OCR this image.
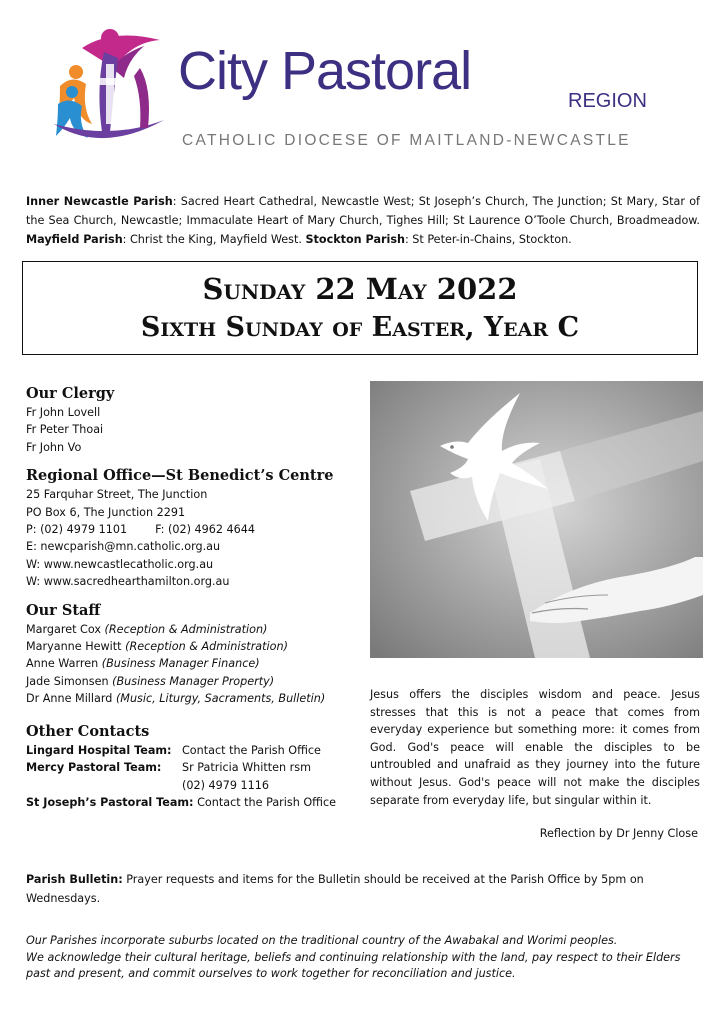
City Pastoral	REGION
CATHOLIC DIOCESE OF MAITLAND-NEWCASTLE
Inner Newcastle Parish: Sacred Heart Cathedral, Newcastle West; St Joseph’s Church, The Junction; St Mary, Star of the Sea Church, Newcastle; Immaculate Heart of Mary Church, Tighes Hill; St Laurence O’Toole Church, Broadmeadow. Mayfield Parish: Christ the King, Mayfield West. Stockton Parish: St Peter-in-Chains, Stockton.
Sunday 22 May 2022
Sixth Sunday of Easter, Year C
Our Clergy
Fr John Lovell
Fr Peter Thoai
Fr John Vo
Regional Office—St Benedict’s Centre
25 Farquhar Street, The Junction
PO Box 6, The Junction 2291
P: (02) 4979 1101	F: (02) 4962 4644
E: newcparish@mn.catholic.org.au
W: www.newcastlecatholic.org.au
W: www.sacredhearthamilton.org.au
Our Staff
Margaret Cox (Reception & Administration)
Maryanne Hewitt (Reception & Administration)
Anne Warren (Business Manager Finance)
Jade Simonsen (Business Manager Property)
Dr Anne Millard (Music, Liturgy, Sacraments, Bulletin)
Other Contacts
Lingard Hospital Team: Contact the Parish Office
Mercy Pastoral Team:	Sr Patricia Whitten rsm
(02) 4979 1116
St Joseph’s Pastoral Team: Contact the Parish Office
Jesus offers the disciples wisdom and peace. Jesus stresses that this is not a peace that comes from everyday experience but something more: it comes from God. God's peace will enable the disciples to be untroubled and unafraid as they journey into the future without Jesus. God's peace will not make the disciples separate from everyday life, but singular within it.
Reflection by Dr Jenny Close
Parish Bulletin: Prayer requests and items for the Bulletin should be received at the Parish Office by 5pm on Wednesdays.
Our Parishes incorporate suburbs located on the traditional country of the Awabakal and Worimi peoples.
We acknowledge their cultural heritage, beliefs and continuing relationship with the land, pay respect to their Elders past and present, and commit ourselves to work together for reconciliation and justice.
